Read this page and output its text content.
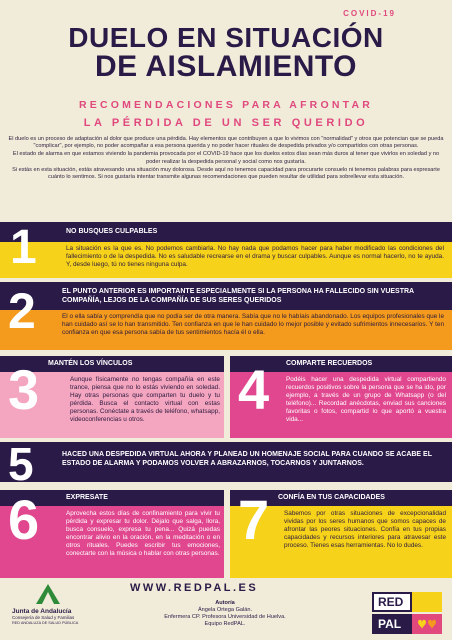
COVID-19
DUELO EN SITUACIÓN
DE AISLAMIENTO
RECOMENDACIONES PARA AFRONTAR
LA PÉRDIDA DE UN SER QUERIDO

El duelo es un proceso de adaptación al dolor que produce una pérdida. Hay elementos que contribuyen a que lo vivimos con "normalidad" y otros que potencian que se pueda "complicar", por ejemplo, no poder acompañar a esa persona querida y no poder hacer rituales de despedida privados y/o compartidos con otras personas.

El estado de alarma en que estamos viviendo la pandemia provocada por el COVID-19 hace que los duelos estos días sean más duros al tener que vivirlos en soledad y no poder realizar la despedida personal y social como nos gustaría.

Si estás en esta situación, estás atravesando una situación muy dolorosa. Desde aquí no tenemos capacidad para procurarte consuelo ni tenemos palabras para expresarte cuánto lo sentimos. Si nos gustaría intentar transmite algunas recomendaciones que pueden resultar de utilidad para sobrellevar esta situación.

NO BUSQUES CULPABLES
La situación es la que es. No podemos cambiarla. No hay nada que podamos hacer para haber modificado las condiciones del fallecimiento o de la despedida. No es saludable recrearse en el drama y buscar culpables. Aunque es normal hacerlo, no te ayuda. Y, desde luego, tú no tienes ninguna culpa.
1
EL PUNTO ANTERIOR ES IMPORTANTE ESPECIALMENTE SI LA PERSONA HA FALLECIDO SIN VUESTRA COMPAÑÍA, LEJOS DE LA COMPAÑÍA DE SUS SERES QUERIDOS
El o ella sabía y comprendía que no podía ser de otra manera. Sabía que no le habíais abandonado. Los equipos profesionales que le han cuidado así se lo han transmitido. Ten confianza en que le han cuidado lo mejor posible y evitado sufrimientos innecesarios. Y ten confianza en que esa persona sabía de tus sentimientos hacía él o ella.
2
MANTÉN LOS VÍNCULOS
Aunque físicamente no tengas compañía en este trance, piensa que no lo estás viviendo en soledad. Hay otras personas que comparten tu duelo y tu pérdida. Busca el contacto virtual con estas personas. Conéctate a través de teléfono, whatsapp, videoconferencias u otros.
3	COMPARTE RECUERDOS
Podéis hacer una despedida virtual compartiendo recuerdos positivos sobre la persona que se ha ido, por ejemplo, a través de un grupo de Whatsapp (o del teléfono)... Recordad anécdotas, enviad sus canciones favoritas o fotos, compartid lo que aportó a vuestra vida...
4
HACED UNA DESPEDIDA VIRTUAL AHORA Y PLANEAD UN HOMENAJE SOCIAL PARA CUANDO SE ACABE EL ESTADO DE ALARMA Y PODAMOS VOLVER A ABRAZARNOS, TOCARNOS Y JUNTARNOS.
5
EXPRESATE
Aprovecha estos días de confinamiento para vivir tu pérdida y expresar tu dolor. Déjalo que salga, llora, busca consuelo, expresa tu pena... Quizá puedas encontrar alivio en la oración, en la meditación o en otros rituales. Puedes escribir tus emociones, conectarte con la música o hablar con otras personas.
6	CONFÍA EN TUS CAPACIDADES
Sabemos por otras situaciones de excepcionalidad vividas por los seres humanos que somos capaces de afrontar las peores situaciones. Confía en tus propias capacidades y recursos interiores para atravesar este proceso. Tienes esas herramientas. No lo dudes.
7
Junta de Andalucía
Consejería de Salud y Familias
RED ANDALUZA DE SALUD PÚBLICA
WWW.REDPAL.ES
Autoría
Ángela Ortega Galán.
Enfermera CP. Profesora Universidad de Huelva.
Equipo RedPAL.
RED
PAL
